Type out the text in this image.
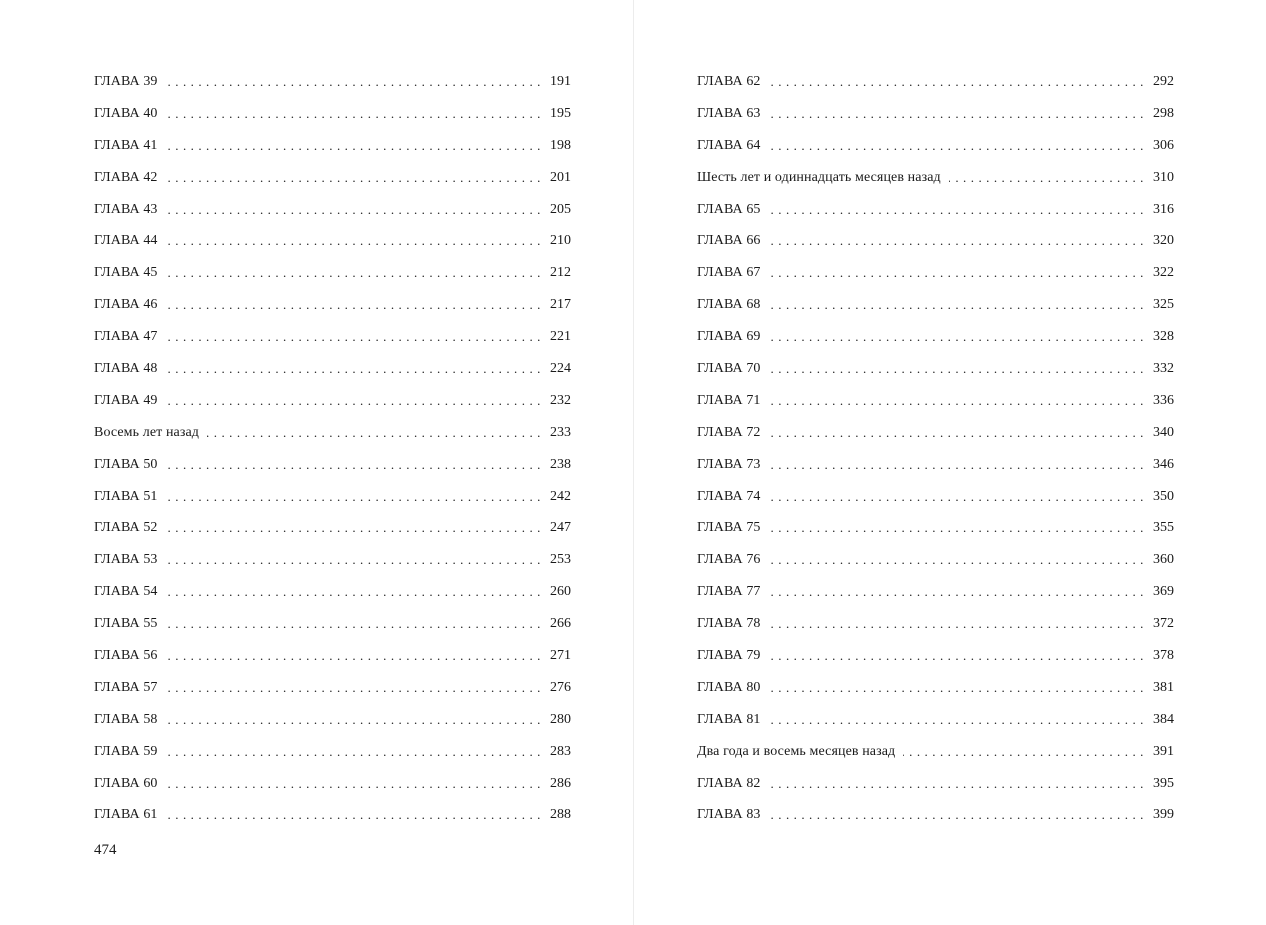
ГЛАВА 39 . . .	191
ГЛАВА 40 . . .	195
ГЛАВА 41 . . .	198
ГЛАВА 42 . . .	201
ГЛАВА 43 . . .	205
ГЛАВА 44 . . .	210
ГЛАВА 45 . . .	212
ГЛАВА 46 . . .	217
ГЛАВА 47 . . .	221
ГЛАВА 48 . . .	224
ГЛАВА 49 . . .	232
Восемь лет назад . . .	233
ГЛАВА 50 . . .	238
ГЛАВА 51 . . .	242
ГЛАВА 52 . . .	247
ГЛАВА 53 . . .	253
ГЛАВА 54 . . .	260
ГЛАВА 55 . . .	266
ГЛАВА 56 . . .	271
ГЛАВА 57 . . .	276
ГЛАВА 58 . . .	280
ГЛАВА 59 . . .	283
ГЛАВА 60 . . .	286
ГЛАВА 61 . . .	288
474
ГЛАВА 62 . . .	292
ГЛАВА 63 . . .	298
ГЛАВА 64 . . .	306
Шесть лет и одиннадцать месяцев назад . . .	310
ГЛАВА 65 . . .	316
ГЛАВА 66 . . .	320
ГЛАВА 67 . . .	322
ГЛАВА 68 . . .	325
ГЛАВА 69 . . .	328
ГЛАВА 70 . . .	332
ГЛАВА 71 . . .	336
ГЛАВА 72 . . .	340
ГЛАВА 73 . . .	346
ГЛАВА 74 . . .	350
ГЛАВА 75 . . .	355
ГЛАВА 76 . . .	360
ГЛАВА 77 . . .	369
ГЛАВА 78 . . .	372
ГЛАВА 79 . . .	378
ГЛАВА 80 . . .	381
ГЛАВА 81 . . .	384
Два года и восемь месяцев назад . . .	391
ГЛАВА 82 . . .	395
ГЛАВА 83 . . .	399
